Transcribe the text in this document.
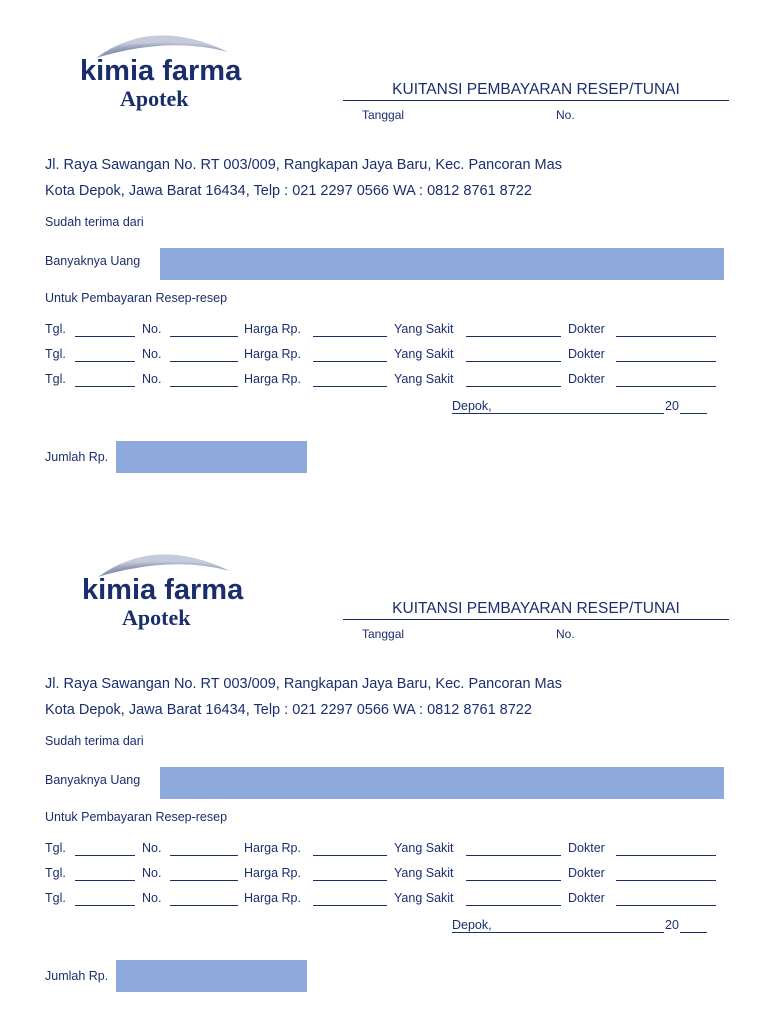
kimia farma
Apotek	KUITANSI PEMBAYARAN RESEP/TUNAI
Tanggal	No.
Jl. Raya Sawangan No. RT 003/009, Rangkapan Jaya Baru, Kec. Pancoran Mas
Kota Depok, Jawa Barat 16434, Telp : 021 2297 0566 WA : 0812 8761 8722
Sudah terima dari
Banyaknya Uang
Untuk Pembayaran Resep-resep
Tgl.	No.	Harga Rp.	Yang Sakit	Dokter
Tgl.	No.	Harga Rp.	Yang Sakit	Dokter
Tgl.	No.	Harga Rp.	Yang Sakit	Dokter
Depok,	20
Jumlah Rp.
kimia farma
Apotek	KUITANSI PEMBAYARAN RESEP/TUNAI
Tanggal	No.
Jl. Raya Sawangan No. RT 003/009, Rangkapan Jaya Baru, Kec. Pancoran Mas
Kota Depok, Jawa Barat 16434, Telp : 021 2297 0566 WA : 0812 8761 8722
Sudah terima dari
Banyaknya Uang
Untuk Pembayaran Resep-resep
Tgl.	No.	Harga Rp.	Yang Sakit	Dokter
Tgl.	No.	Harga Rp.	Yang Sakit	Dokter
Tgl.	No.	Harga Rp.	Yang Sakit	Dokter
Depok,	20
Jumlah Rp.
